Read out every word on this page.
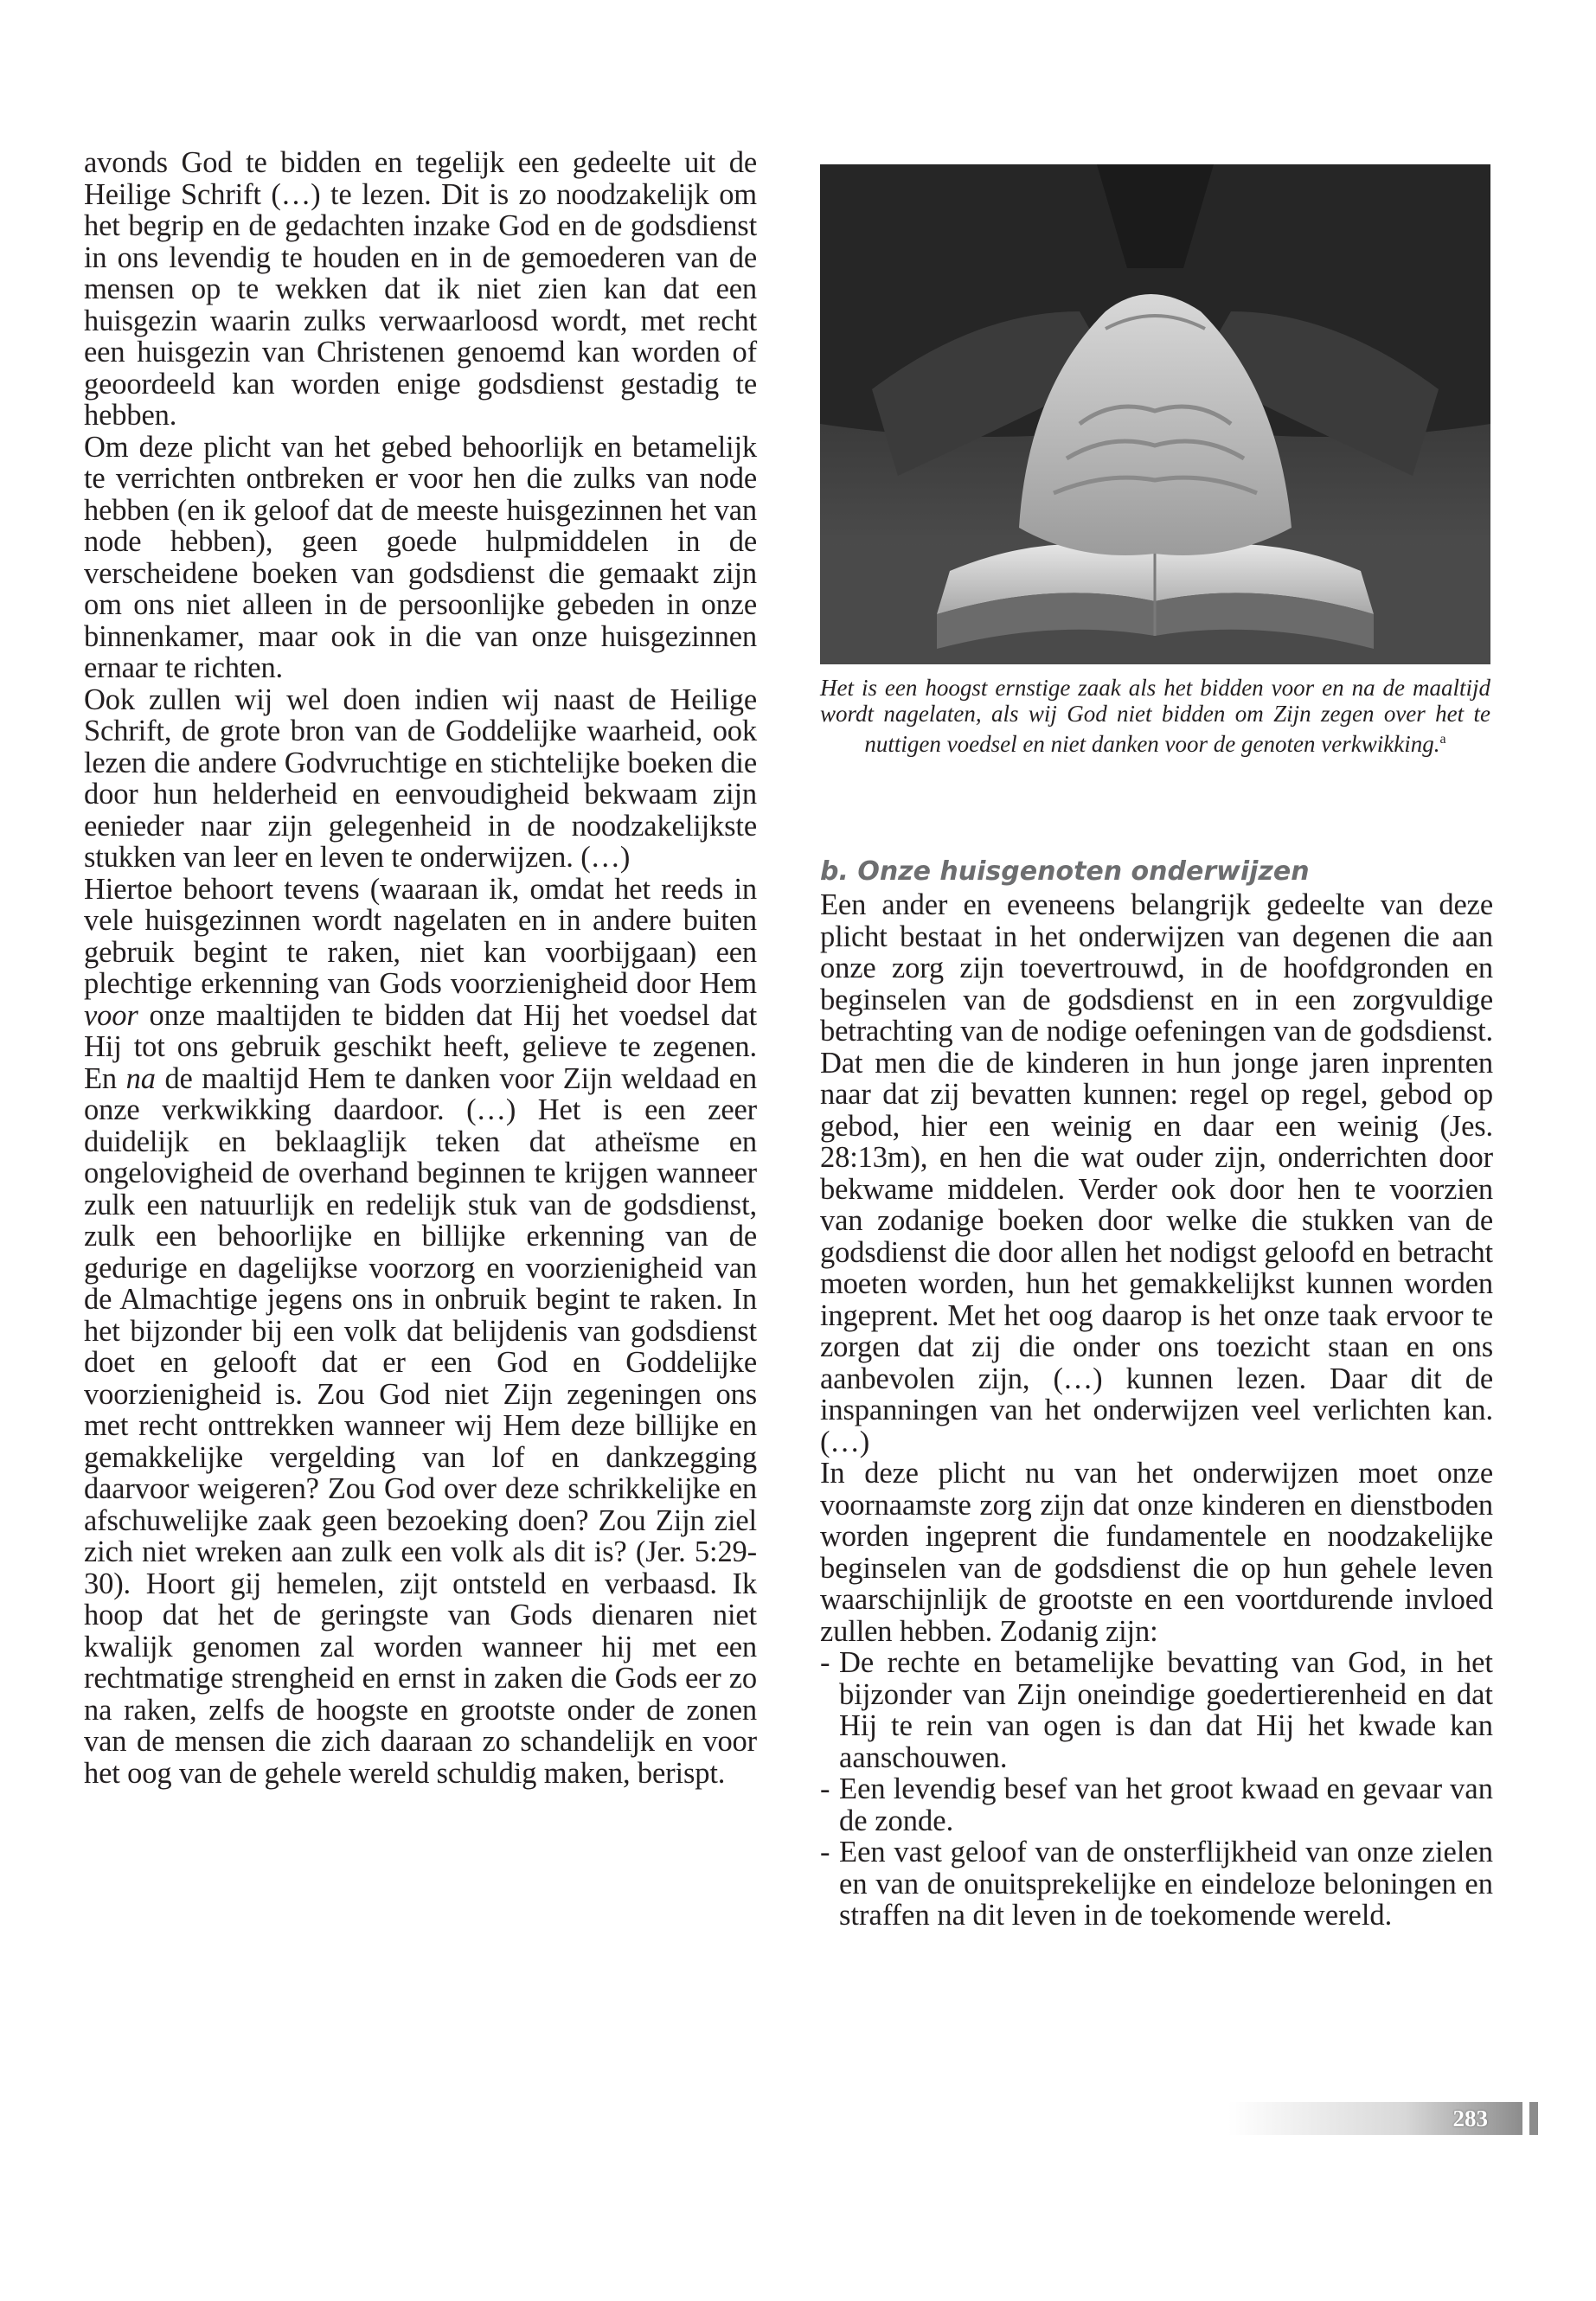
avonds God te bidden en tegelijk een gedeelte uit de Heilige Schrift (…) te lezen. Dit is zo noodzakelijk om het begrip en de gedachten inzake God en de godsdienst in ons levendig te houden en in de gemoederen van de mensen op te wekken dat ik niet zien kan dat een huisgezin waarin zulks verwaarloosd wordt, met recht een huisgezin van Christenen genoemd kan worden of geoordeeld kan worden enige godsdienst gestadig te hebben.

Om deze plicht van het gebed behoorlijk en betamelijk te verrichten ontbreken er voor hen die zulks van node hebben (en ik geloof dat de meeste huisgezinnen het van node hebben), geen goede hulpmiddelen in de verscheidene boeken van godsdienst die gemaakt zijn om ons niet alleen in de persoonlijke gebeden in onze binnenkamer, maar ook in die van onze huisgezinnen ernaar te richten.

Ook zullen wij wel doen indien wij naast de Heilige Schrift, de grote bron van de Goddelijke waarheid, ook lezen die andere Godvruchtige en stichtelijke boeken die door hun helderheid en eenvoudigheid bekwaam zijn eenieder naar zijn gelegenheid in de noodzakelijkste stukken van leer en leven te onderwijzen. (…)

Hiertoe behoort tevens (waaraan ik, omdat het reeds in vele huisgezinnen wordt nagelaten en in andere buiten gebruik begint te raken, niet kan voorbijgaan) een plechtige erkenning van Gods voorzienigheid door Hem voor onze maaltijden te bidden dat Hij het voedsel dat Hij tot ons gebruik geschikt heeft, gelieve te zegenen. En na de maaltijd Hem te danken voor Zijn weldaad en onze verkwikking daardoor. (…) Het is een zeer duidelijk en beklaaglijk teken dat atheïsme en ongelovigheid de overhand beginnen te krijgen wanneer zulk een natuurlijk en redelijk stuk van de godsdienst, zulk een behoorlijke en billijke erkenning van de gedurige en dagelijkse voorzorg en voorzienigheid van de Almachtige jegens ons in onbruik begint te raken. In het bijzonder bij een volk dat belijdenis van godsdienst doet en gelooft dat er een God en Goddelijke voorzienigheid is. Zou God niet Zijn zegeningen ons met recht onttrekken wanneer wij Hem deze billijke en gemakkelijke vergelding van lof en dankzegging daarvoor weigeren? Zou God over deze schrikkelijke en afschuwelijke zaak geen bezoeking doen? Zou Zijn ziel zich niet wreken aan zulk een volk als dit is? (Jer. 5:29-30). Hoort gij hemelen, zijt ontsteld en verbaasd. Ik hoop dat het de geringste van Gods dienaren niet kwalijk genomen zal worden wanneer hij met een rechtmatige strengheid en ernst in zaken die Gods eer zo na raken, zelfs de hoogste en grootste onder de zonen van de mensen die zich daaraan zo schandelijk en voor het oog van de gehele wereld schuldig maken, berispt.

Het is een hoogst ernstige zaak als het bidden voor en na de maaltijd wordt nagelaten, als wij God niet bidden om Zijn zegen over het te nuttigen voedsel en niet danken voor de genoten verkwikking.$^a$
b. Onze huisgenoten onderwijzen

Een ander en eveneens belangrijk gedeelte van deze plicht bestaat in het onderwijzen van degenen die aan onze zorg zijn toevertrouwd, in de hoofdgronden en beginselen van de godsdienst en in een zorgvuldige betrachting van de nodige oefeningen van de godsdienst. Dat men die de kinderen in hun jonge jaren inprenten naar dat zij bevatten kunnen: regel op regel, gebod op gebod, hier een weinig en daar een weinig (Jes. 28:13m), en hen die wat ouder zijn, onderrichten door bekwame middelen. Verder ook door hen te voorzien van zodanige boeken door welke die stukken van de godsdienst die door allen het nodigst geloofd en betracht moeten worden, hun het gemakkelijkst kunnen worden ingeprent. Met het oog daarop is het onze taak ervoor te zorgen dat zij die onder ons toezicht staan en ons aanbevolen zijn, (…) kunnen lezen. Daar dit de inspanningen van het onderwijzen veel verlichten kan. (…)

In deze plicht nu van het onderwijzen moet onze voornaamste zorg zijn dat onze kinderen en dienstboden worden ingeprent die fundamentele en noodzakelijke beginselen van de godsdienst die op hun gehele leven waarschijnlijk de grootste en een voortdurende invloed zullen hebben. Zodanig zijn:

- De rechte en betamelijke bevatting van God, in het bijzonder van Zijn oneindige goedertierenheid en dat Hij te rein van ogen is dan dat Hij het kwade kan aanschouwen.
- Een levendig besef van het groot kwaad en gevaar van de zonde.
- Een vast geloof van de onsterflijkheid van onze zielen en van de onuitsprekelijke en eindeloze beloningen en straffen na dit leven in de toekomende wereld.
283
